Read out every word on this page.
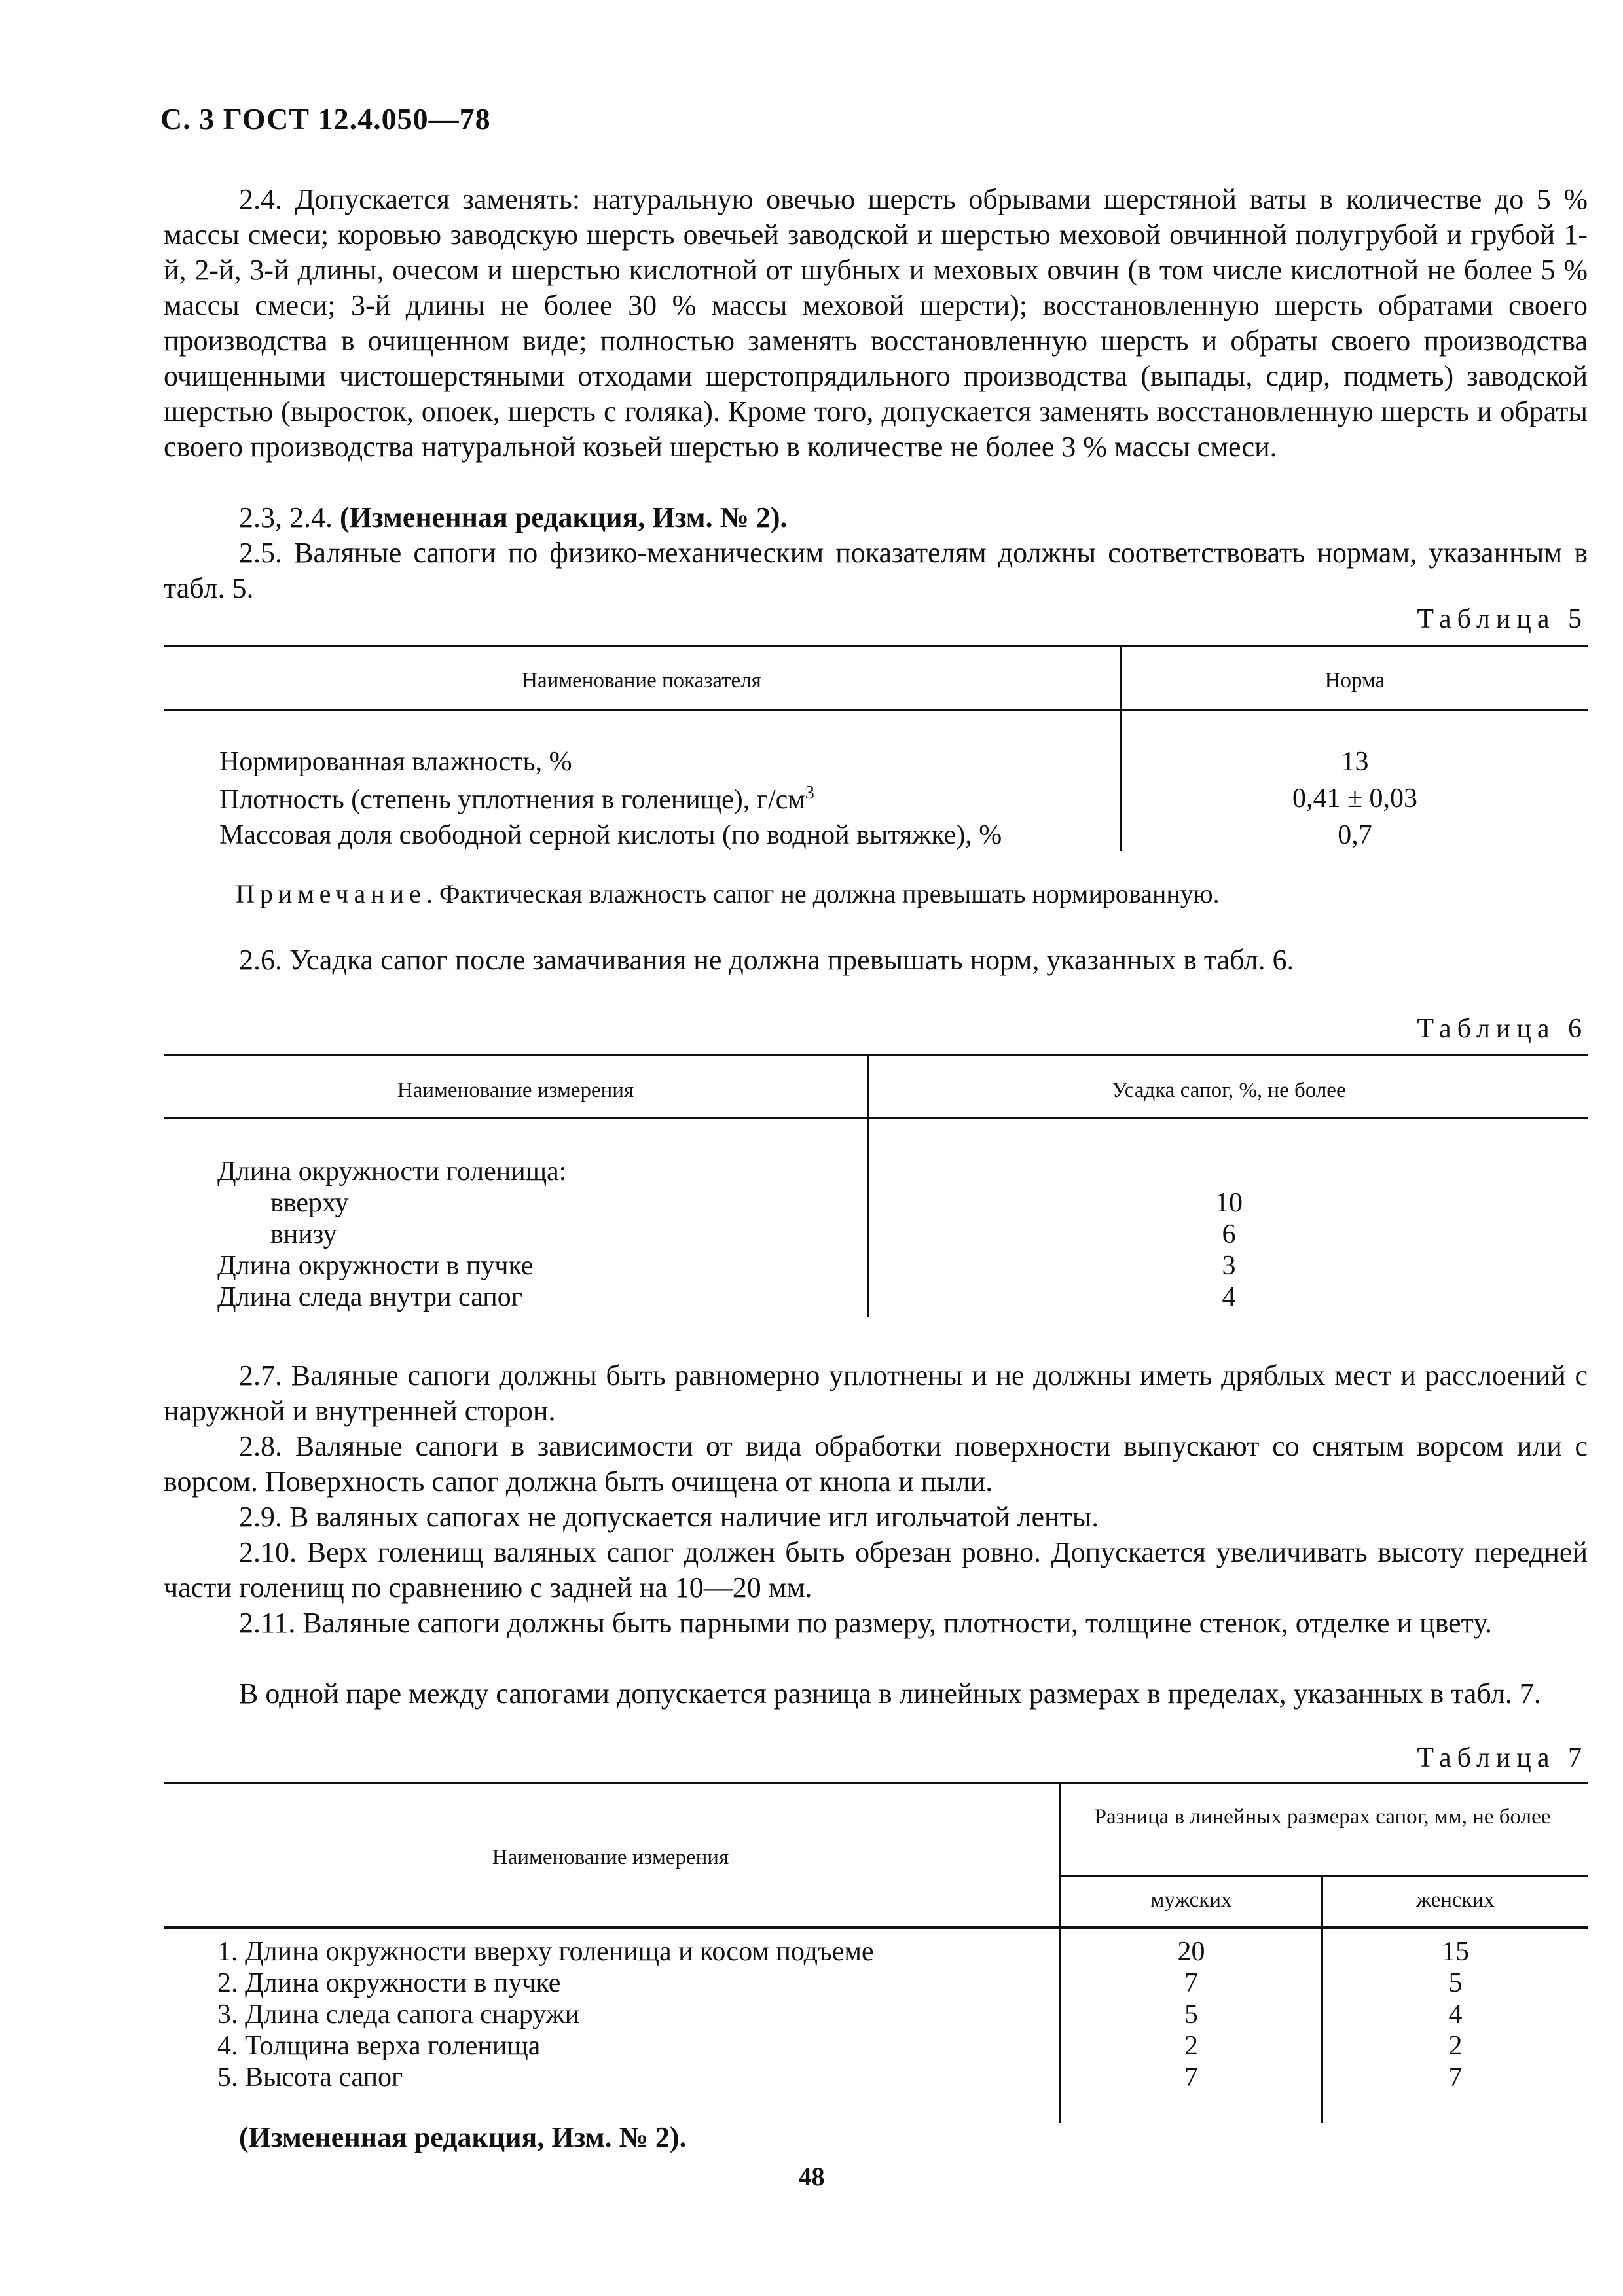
С. 3 ГОСТ 12.4.050—78
2.4. Допускается заменять: натуральную овечью шерсть обрывами шерстяной ваты в количестве до 5 % массы смеси; коровью заводскую шерсть овечьей заводской и шерстью меховой овчинной полугрубой и грубой 1-й, 2-й, 3-й длины, очесом и шерстью кислотной от шубных и меховых овчин (в том числе кислотной не более 5 % массы смеси; 3-й длины не более 30 % массы меховой шерсти); восстановленную шерсть обратами своего производства в очищенном виде; полностью заменять восстановленную шерсть и обраты своего производства очищенными чистошерстяными отходами шерстопрядильного производства (выпады, сдир, подметь) заводской шерстью (выросток, опоек, шерсть с голяка). Кроме того, допускается заменять восстановленную шерсть и обраты своего производства натуральной козьей шерстью в количестве не более 3 % массы смеси.
2.3, 2.4. (Измененная редакция, Изм. № 2).
2.5. Валяные сапоги по физико-механическим показателям должны соответствовать нормам, указанным в табл. 5.
Таблица 5
Наименование показателя	Норма
Нормированная влажность, %	13
Плотность (степень уплотнения в голенище), $г/см^3$	0,41 ± 0,03
Массовая доля свободной серной кислоты (по водной вытяжке), %	0,7
Примечание. Фактическая влажность сапог не должна превышать нормированную.
2.6. Усадка сапог после замачивания не должна превышать норм, указанных в табл. 6.
Таблица 6
Наименование измерения	Усадка сапог, %, не более
Длина окружности голенища:
вверху	10
внизу	6
Длина окружности в пучке	3
Длина следа внутри сапог	4
2.7. Валяные сапоги должны быть равномерно уплотнены и не должны иметь дряблых мест и расслоений с наружной и внутренней сторон.
2.8. Валяные сапоги в зависимости от вида обработки поверхности выпускают со снятым ворсом или с ворсом. Поверхность сапог должна быть очищена от кнопа и пыли.
2.9. В валяных сапогах не допускается наличие игл игольчатой ленты.
2.10. Верх голенищ валяных сапог должен быть обрезан ровно. Допускается увеличивать высоту передней части голенищ по сравнению с задней на 10—20 мм.
2.11. Валяные сапоги должны быть парными по размеру, плотности, толщине стенок, отделке и цвету.
В одной паре между сапогами допускается разница в линейных размерах в пределах, указанных в табл. 7.
Таблица 7
Наименование измерения
Разница в линейных размерах сапог, мм, не более
мужских	женских
1. Длина окружности вверху голенища и косом подъеме	20	15
2. Длина окружности в пучке	7	5
3. Длина следа сапога снаружи	5	4
4. Толщина верха голенища	2	2
5. Высота сапог	7	7
(Измененная редакция, Изм. № 2).
48
